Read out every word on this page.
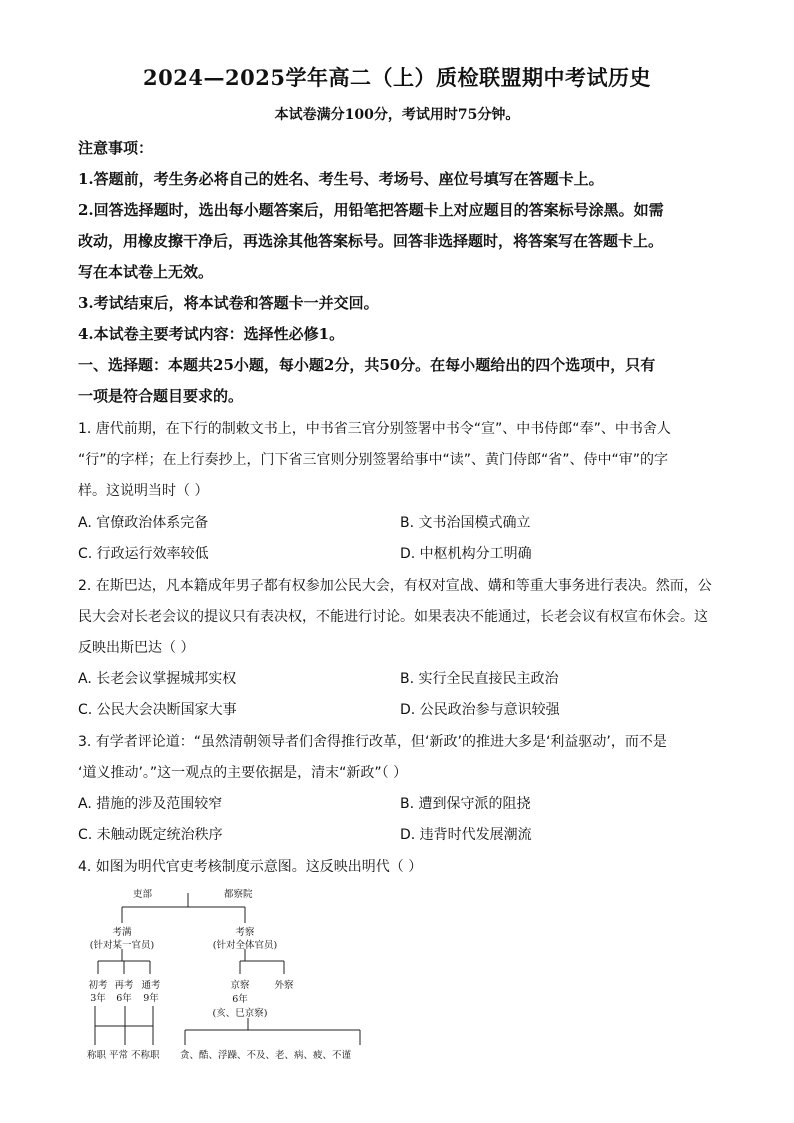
2024—2025学年高二（上）质检联盟期中考试历史
本试卷满分100分，考试用时75分钟。
注意事项：
1.答题前，考生务必将自己的姓名、考生号、考场号、座位号填写在答题卡上。
2.回答选择题时，选出每小题答案后，用铅笔把答题卡上对应题目的答案标号涂黑。如需
改动，用橡皮擦干净后，再选涂其他答案标号。回答非选择题时，将答案写在答题卡上。
写在本试卷上无效。
3.考试结束后，将本试卷和答题卡一并交回。
4.本试卷主要考试内容：选择性必修1。
一、选择题：本题共25小题，每小题2分，共50分。在每小题给出的四个选项中，只有
一项是符合题目要求的。
1. 唐代前期，在下行的制敕文书上，中书省三官分别签署中书令“宣”、中书侍郎“奉”、中书舍人
“行”的字样；在上行奏抄上，门下省三官则分别签署给事中“读”、黄门侍郎“省”、侍中“审”的字
样。这说明当时（ ）
A. 官僚政治体系完备	B. 文书治国模式确立
C. 行政运行效率较低	D. 中枢机构分工明确
2. 在斯巴达，凡本籍成年男子都有权参加公民大会，有权对宣战、媾和等重大事务进行表决。然而，公
民大会对长老会议的提议只有表决权，不能进行讨论。如果表决不能通过，长老会议有权宣布休会。这
反映出斯巴达（ ）
A. 长老会议掌握城邦实权	B. 实行全民直接民主政治
C. 公民大会决断国家大事	D. 公民政治参与意识较强
3. 有学者评论道：“虽然清朝领导者们舍得推行改革，但‘新政’的推进大多是‘利益驱动’，而不是
‘道义推动’。”这一观点的主要依据是，清末“新政”（ ）
A. 措施的涉及范围较窄	B. 遭到保守派的阻挠
C. 未触动既定统治秩序	D. 违背时代发展潮流
4. 如图为明代官吏考核制度示意图。这反映出明代（ ）
吏部	都察院
考满
(针对某一官员)
考察
(针对全体官员)
初考
3年
再考
6年
通考
9年
京察
6年
(亥、巳京察)
外察
称职 平常 不称职 贪、酷、浮躁、不及、老、病、疲、不谨
